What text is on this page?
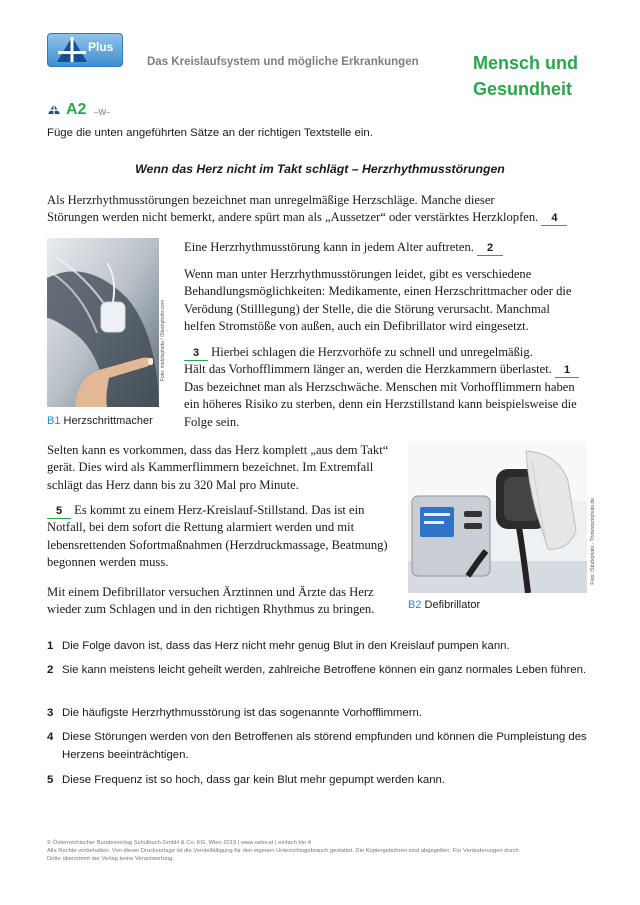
Plus
Das Kreislaufsystem und mögliche Erkrankungen	Mensch und
Gesundheit
A2 –W–
Füge die unten angeführten Sätze an der richtigen Textstelle ein.
Wenn das Herz nicht im Takt schlägt – Herzrhythmusstörungen
Als Herzrhythmusstörungen bezeichnet man unregelmäßige Herzschläge. Manche dieser
Störungen werden nicht bemerkt, andere spürt man als „Aussetzer“ oder verstärktes Herzklopfen. 4
Foto: mobilephoto / iStockphoto.com
B1 Herzschrittmacher
Eine Herzrhythmusstörung kann in jedem Alter auftreten. 2
Wenn man unter Herzrhythmusstörungen leidet, gibt es verschiedene
Behandlungsmöglichkeiten: Medikamente, einen Herzschrittmacher oder die
Verödung (Stilllegung) der Stelle, die die Störung verursacht. Manchmal
helfen Stromstöße von außen, auch ein Defibrillator wird eingesetzt.
3 Hierbei schlagen die Herzvorhöfe zu schnell und unregelmäßig.
Hält das Vorhofflimmern länger an, werden die Herzkammern überlastet. 1
Das bezeichnet man als Herzschwäche. Menschen mit Vorhofflimmern haben
ein höheres Risiko zu sterben, denn ein Herzstillstand kann beispielsweise die
Folge sein.
Selten kann es vorkommen, dass das Herz komplett „aus dem Takt“
gerät. Dies wird als Kammerflimmern bezeichnet. Im Extremfall
schlägt das Herz dann bis zu 320 Mal pro Minute.
5 Es kommt zu einem Herz-Kreislauf-Stillstand. Das ist ein
Notfall, bei dem sofort die Rettung alarmiert werden und mit
lebensrettenden Sofortmaßnahmen (Herzdruckmassage, Beatmung)
begonnen werden muss.
Mit einem Defibrillator versuchen Ärztinnen und Ärzte das Herz
wieder zum Schlagen und in den richtigen Rhythmus zu bringen.
Foto: iStockphoto - Thinkstockphoto.de
B2 Defibrillator
1 Die Folge davon ist, dass das Herz nicht mehr genug Blut in den Kreislauf pumpen kann.
2 Sie kann meistens leicht geheilt werden, zahlreiche Betroffene können ein ganz normales Leben führen.
3 Die häufigste Herzrhythmusstörung ist das sogenannte Vorhofflimmern.
4 Diese Störungen werden von den Betroffenen als störend empfunden und können die Pumpleistung des Herzens beeinträchtigen.
5 Diese Frequenz ist so hoch, dass gar kein Blut mehr gepumpt werden kann.
© Österreichischer Bundesverlag Schulbuch GmbH & Co. KG, Wien 2019 | www.oebv.at | einfach bio 4
Alle Rechte vorbehalten. Von dieser Druckvorlage ist die Vervielfältigung für den eigenen Unterrichtsgebrauch gestattet. Die Kopiergebühren sind abgegolten. Für Veränderungen durch
Dritte übernimmt der Verlag keine Verantwortung.
